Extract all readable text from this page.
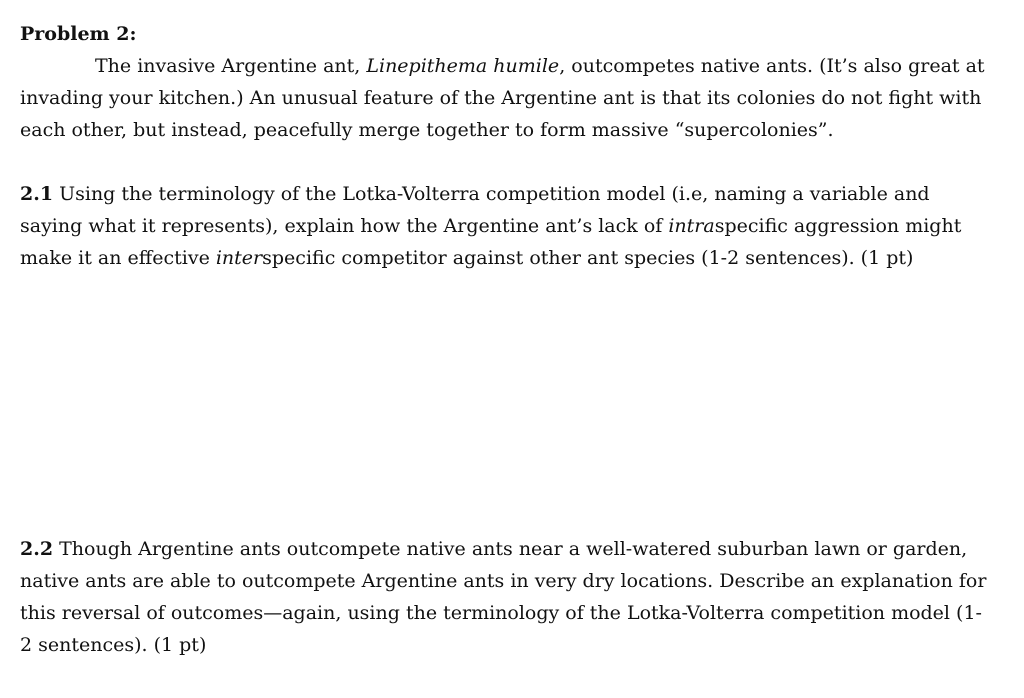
Problem 2:

The invasive Argentine ant, Linepithema humile, outcompetes native ants. (It’s also great at invading your kitchen.) An unusual feature of the Argentine ant is that its colonies do not fight with each other, but instead, peacefully merge together to form massive “supercolonies”.

2.1 Using the terminology of the Lotka-Volterra competition model (i.e, naming a variable and saying what it represents), explain how the Argentine ant’s lack of intraspecific aggression might make it an effective interspecific competitor against other ant species (1-2 sentences). (1 pt)

2.2 Though Argentine ants outcompete native ants near a well-watered suburban lawn or garden, native ants are able to outcompete Argentine ants in very dry locations. Describe an explanation for this reversal of outcomes—again, using the terminology of the Lotka-Volterra competition model (1-2 sentences). (1 pt)
